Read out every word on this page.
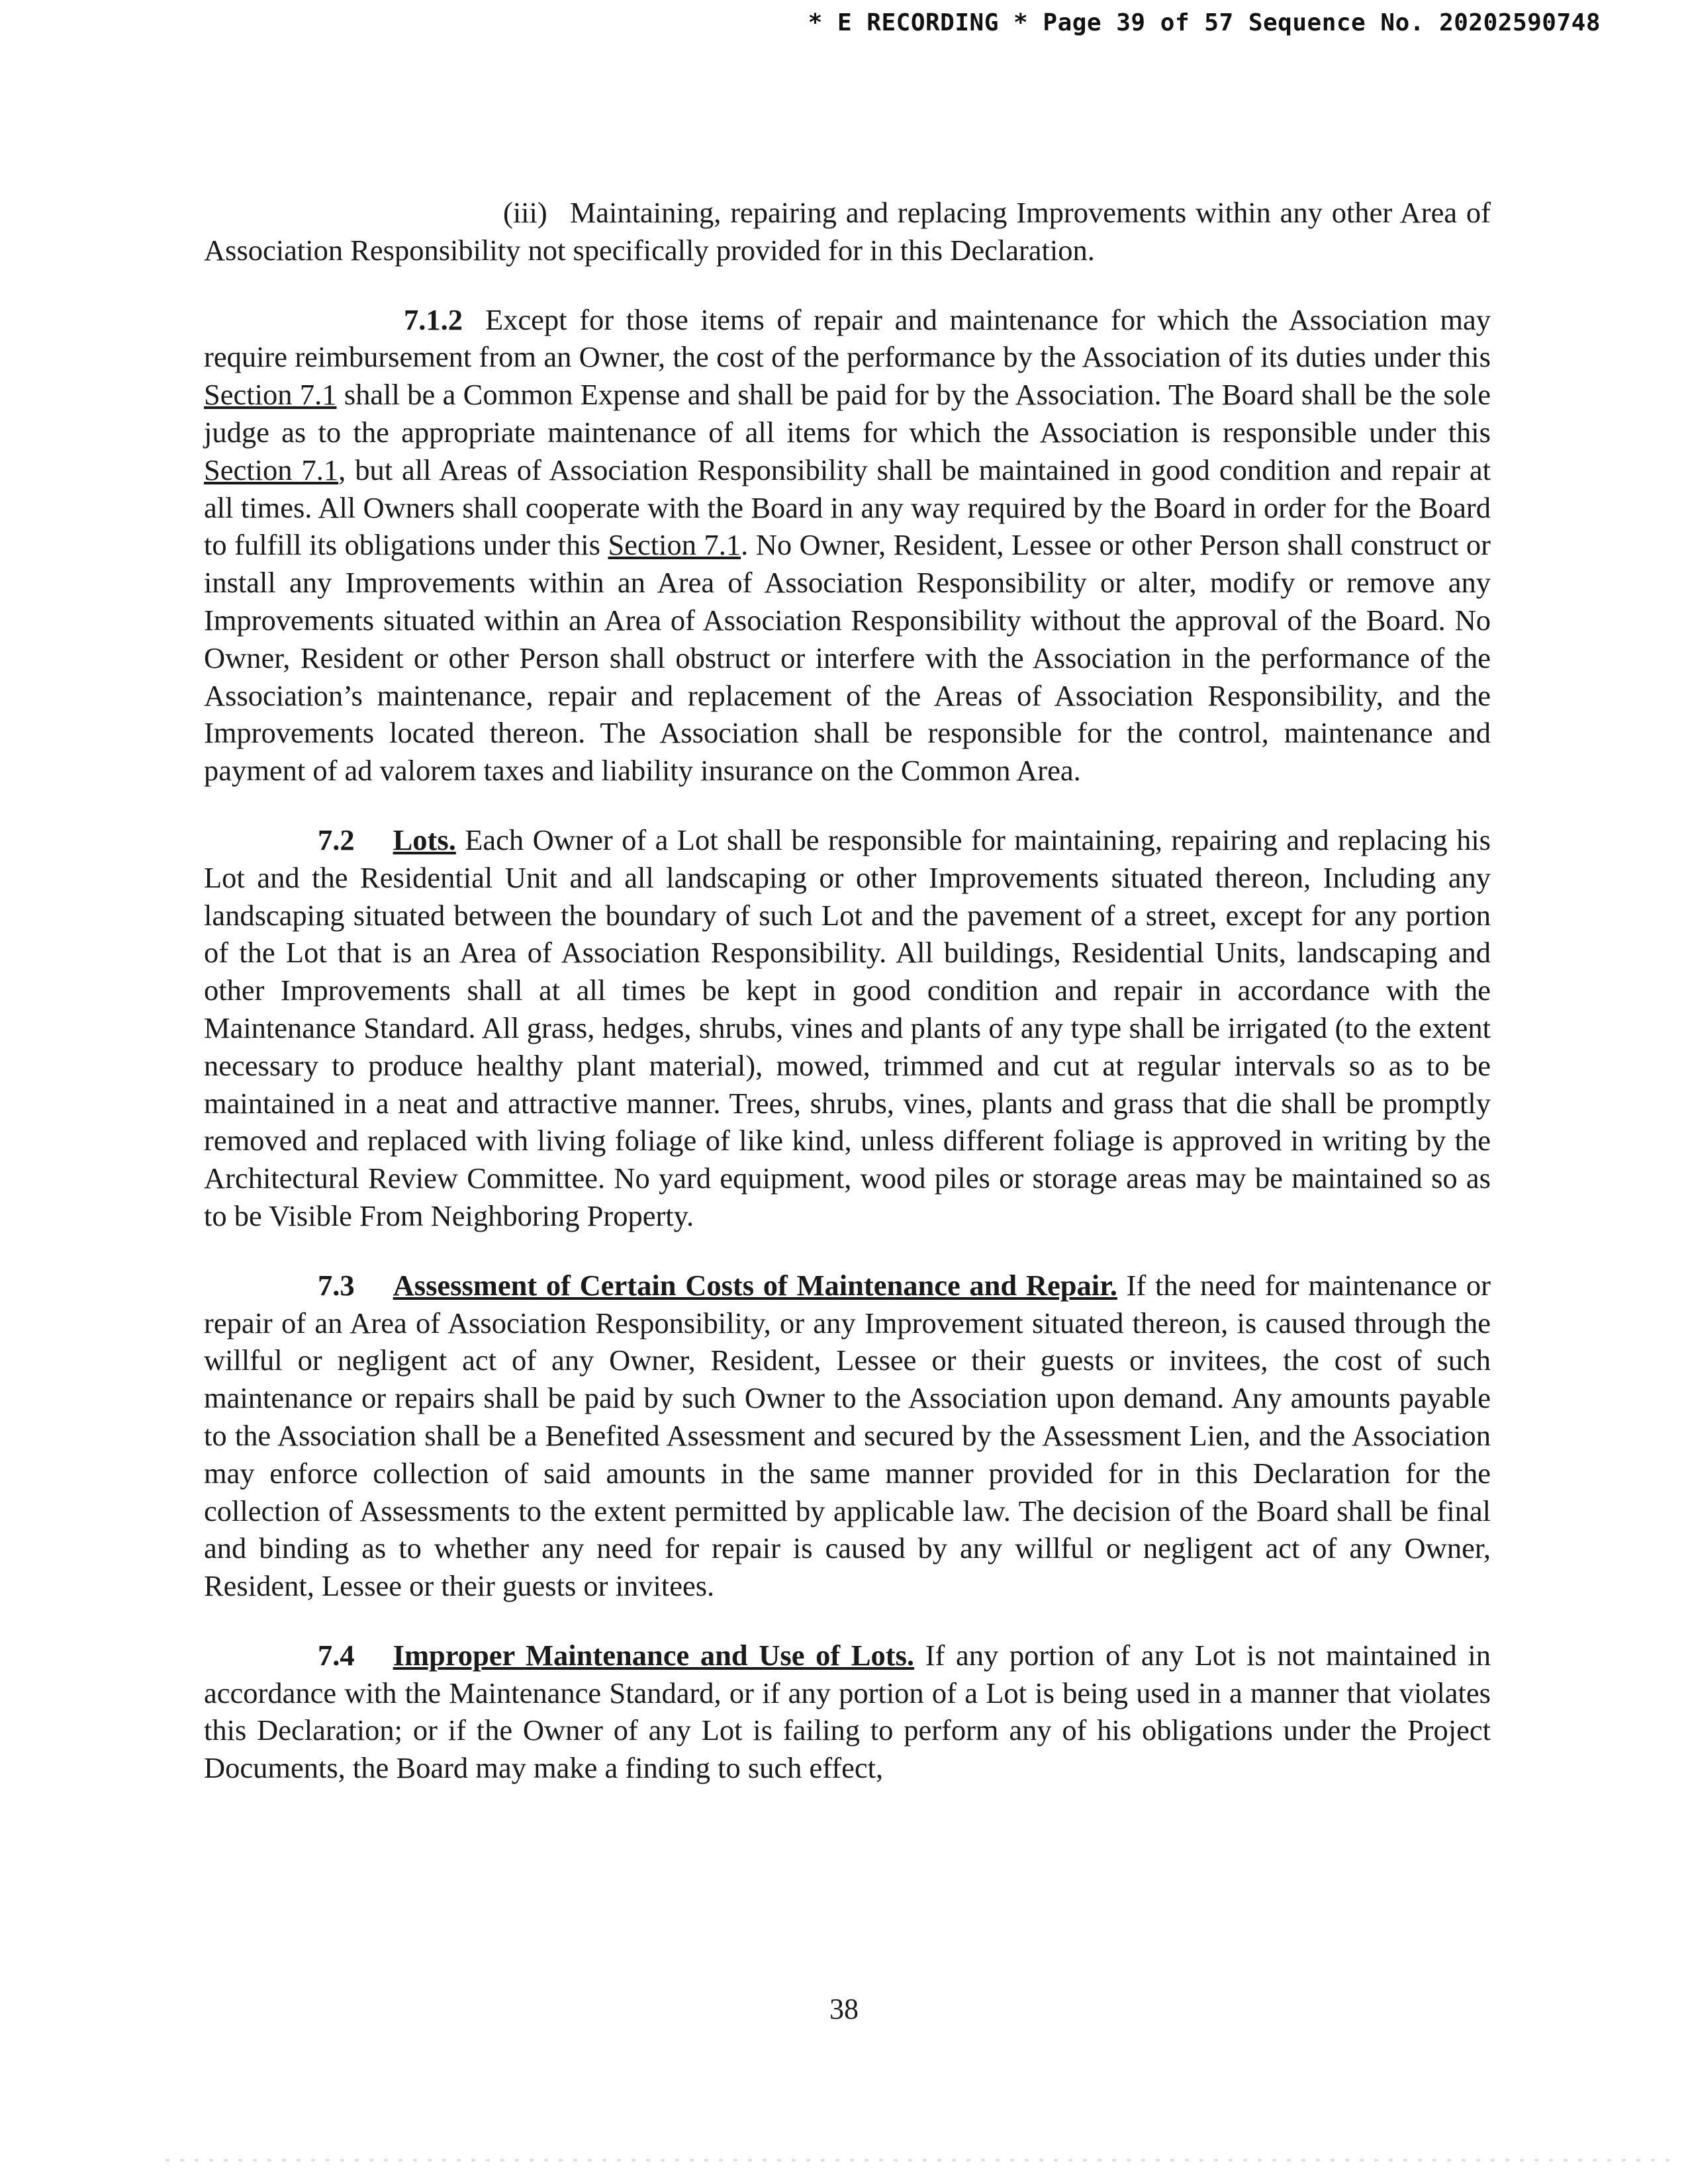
* E RECORDING * Page 39 of 57 Sequence No. 20202590748

(iii) Maintaining, repairing and replacing Improvements within any other Area of Association Responsibility not specifically provided for in this Declaration.

7.1.2 Except for those items of repair and maintenance for which the Association may require reimbursement from an Owner, the cost of the performance by the Association of its duties under this Section 7.1 shall be a Common Expense and shall be paid for by the Association. The Board shall be the sole judge as to the appropriate maintenance of all items for which the Association is responsible under this Section 7.1, but all Areas of Association Responsibility shall be maintained in good condition and repair at all times. All Owners shall cooperate with the Board in any way required by the Board in order for the Board to fulfill its obligations under this Section 7.1. No Owner, Resident, Lessee or other Person shall construct or install any Improvements within an Area of Association Responsibility or alter, modify or remove any Improvements situated within an Area of Association Responsibility without the approval of the Board. No Owner, Resident or other Person shall obstruct or interfere with the Association in the performance of the Association’s maintenance, repair and replacement of the Areas of Association Responsibility, and the Improvements located thereon. The Association shall be responsible for the control, maintenance and payment of ad valorem taxes and liability insurance on the Common Area.

7.2 Lots. Each Owner of a Lot shall be responsible for maintaining, repairing and replacing his Lot and the Residential Unit and all landscaping or other Improvements situated thereon, Including any landscaping situated between the boundary of such Lot and the pavement of a street, except for any portion of the Lot that is an Area of Association Responsibility. All buildings, Residential Units, landscaping and other Improvements shall at all times be kept in good condition and repair in accordance with the Maintenance Standard. All grass, hedges, shrubs, vines and plants of any type shall be irrigated (to the extent necessary to produce healthy plant material), mowed, trimmed and cut at regular intervals so as to be maintained in a neat and attractive manner. Trees, shrubs, vines, plants and grass that die shall be promptly removed and replaced with living foliage of like kind, unless different foliage is approved in writing by the Architectural Review Committee. No yard equipment, wood piles or storage areas may be maintained so as to be Visible From Neighboring Property.

7.3 Assessment of Certain Costs of Maintenance and Repair. If the need for maintenance or repair of an Area of Association Responsibility, or any Improvement situated thereon, is caused through the willful or negligent act of any Owner, Resident, Lessee or their guests or invitees, the cost of such maintenance or repairs shall be paid by such Owner to the Association upon demand. Any amounts payable to the Association shall be a Benefited Assessment and secured by the Assessment Lien, and the Association may enforce collection of said amounts in the same manner provided for in this Declaration for the collection of Assessments to the extent permitted by applicable law. The decision of the Board shall be final and binding as to whether any need for repair is caused by any willful or negligent act of any Owner, Resident, Lessee or their guests or invitees.

7.4 Improper Maintenance and Use of Lots. If any portion of any Lot is not maintained in accordance with the Maintenance Standard, or if any portion of a Lot is being used in a manner that violates this Declaration; or if the Owner of any Lot is failing to perform any of his obligations under the Project Documents, the Board may make a finding to such effect,

38
